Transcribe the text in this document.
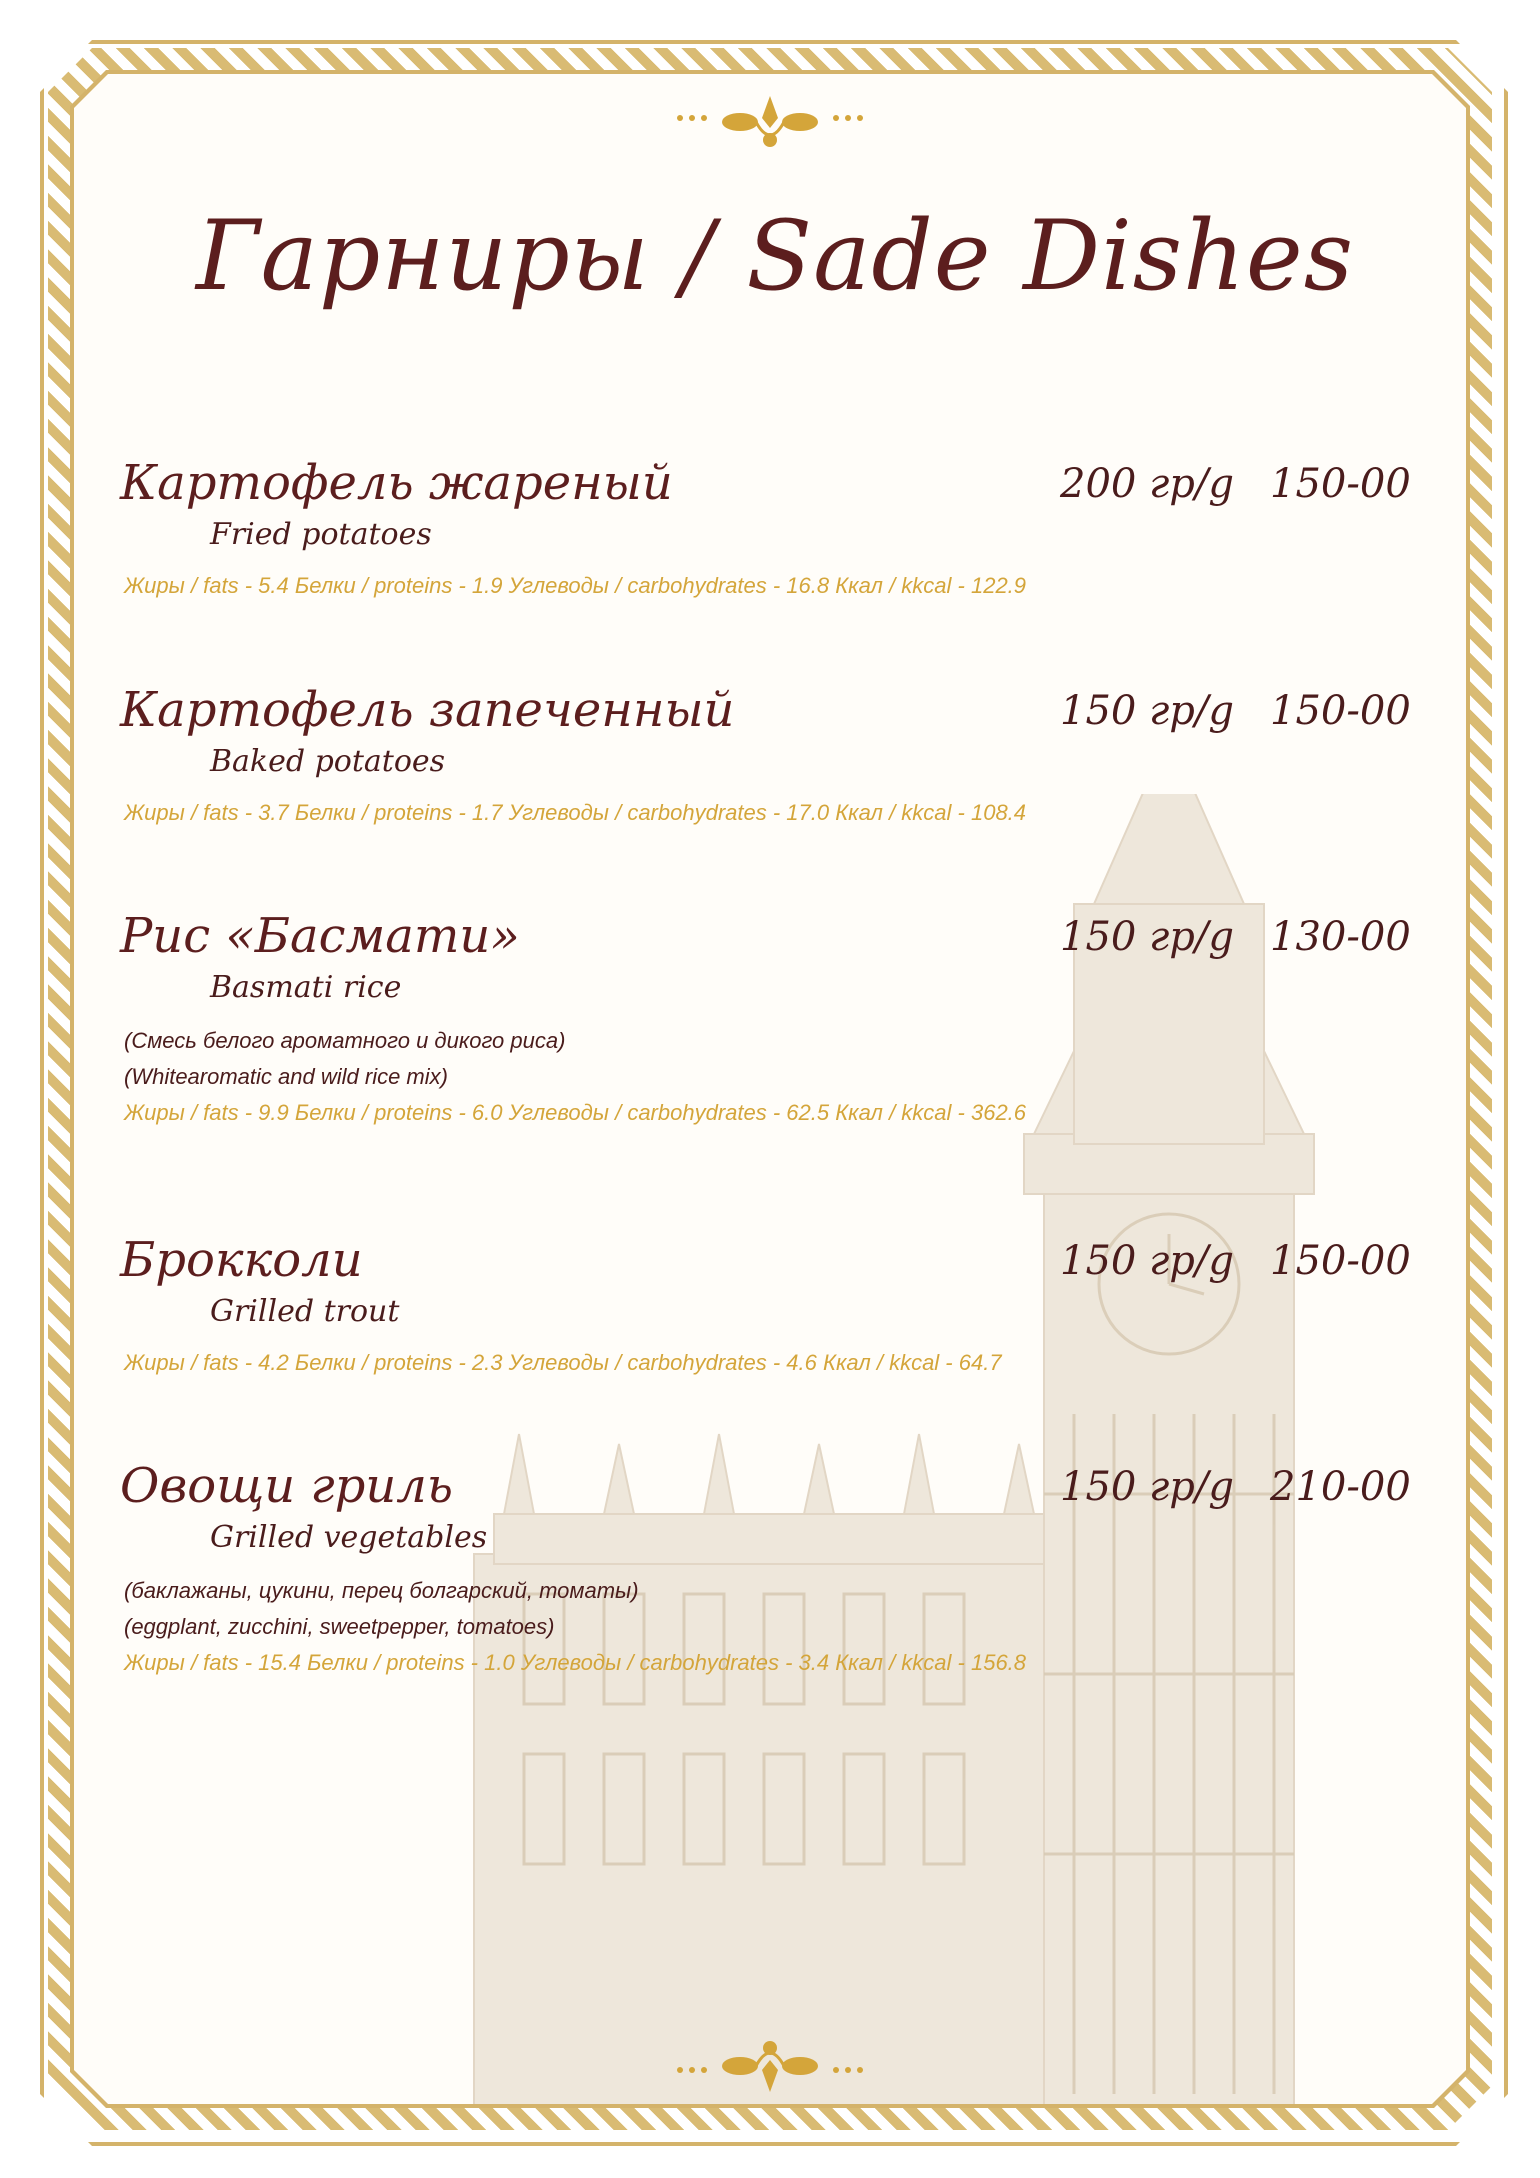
Гарниры / Sade Dishes
Картофель жареный
Fried potatoes
200 гр/g 150-00
Жиры / fats - 5.4 Белки / proteins - 1.9 Углеводы / carbohydrates - 16.8 Ккал / kkcal - 122.9
Картофель запеченный
Baked potatoes
150 гр/g 150-00
Жиры / fats - 3.7 Белки / proteins - 1.7 Углеводы / carbohydrates - 17.0 Ккал / kkcal - 108.4
Рис «Басмати»
Basmati rice
150 гр/g 130-00
(Смесь белого ароматного и дикого риса)
(Whitearomatic and wild rice mix)
Жиры / fats - 9.9 Белки / proteins - 6.0 Углеводы / carbohydrates - 62.5 Ккал / kkcal - 362.6
Брокколи
Grilled trout
150 гр/g 150-00
Жиры / fats - 4.2 Белки / proteins - 2.3 Углеводы / carbohydrates - 4.6 Ккал / kkcal - 64.7
Овощи гриль
Grilled vegetables
150 гр/g 210-00
(баклажаны, цукини, перец болгарский, томаты)
(eggplant, zucchini, sweetpepper, tomatoes)
Жиры / fats - 15.4 Белки / proteins - 1.0 Углеводы / carbohydrates - 3.4 Ккал / kkcal - 156.8
